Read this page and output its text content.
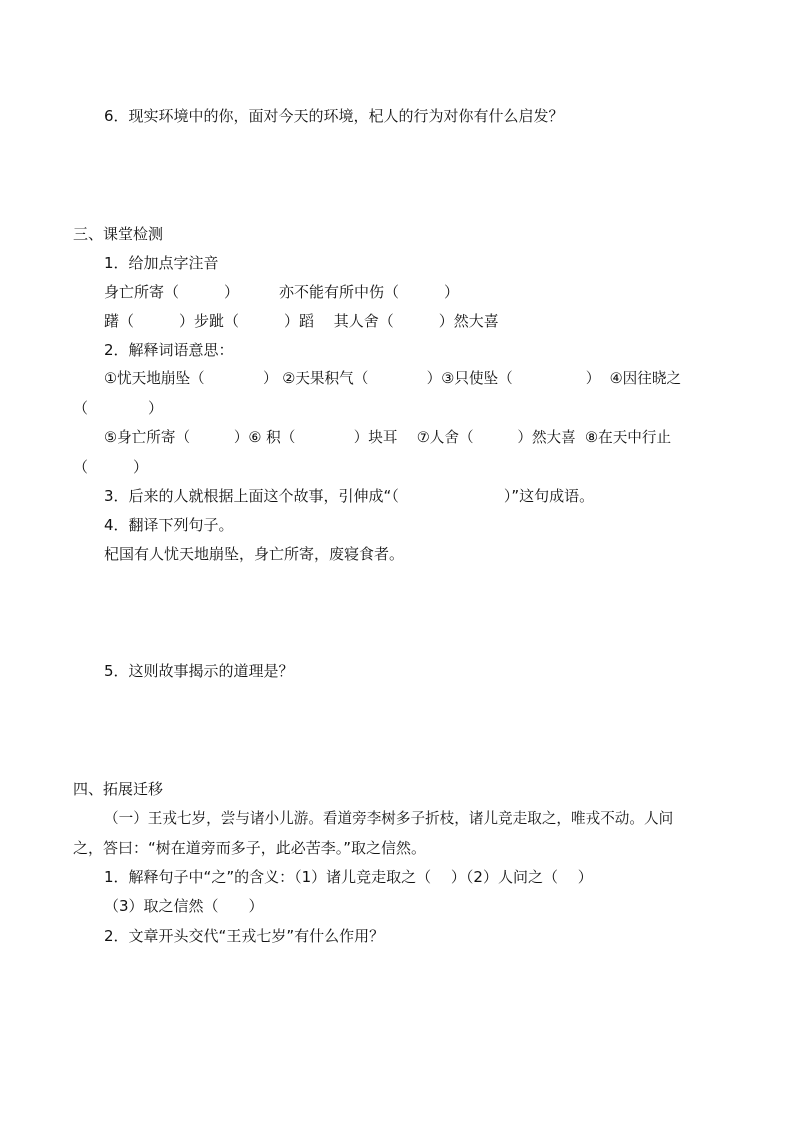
6．现实环境中的你，面对今天的环境，杞人的行为对你有什么启发？
三、课堂检测
1．给加点字注音
身亡所寄（　　　）	亦不能有所中伤（　　　）
躇（　　　）步跐（　　　）蹈　 其人舍（　　　）然大喜
2．解释词语意思：
①忧天地崩坠（　　　　） ②天果积气（　　　　）③只使坠（　　　　　）  ④因往晓之
（　　　　）
⑤身亡所寄（　　　）⑥ 积（　　　　）块耳　 ⑦人舍（　　　）然大喜  ⑧在天中行止
（　　　）
3．后来的人就根据上面这个故事，引伸成“（　　　　　　　）”这句成语。
4．翻译下列句子。
杞国有人忧天地崩坠，身亡所寄，废寝食者。
5．这则故事揭示的道理是？
四、拓展迁移
（一）王戎七岁，尝与诸小儿游。看道旁李树多子折枝，诸儿竞走取之，唯戎不动。人问
之，答曰：“树在道旁而多子，此必苦李。”取之信然。
1．解释句子中“之”的含义：（1）诸儿竞走取之（　 ）（2）人问之（　 ）
（3）取之信然（　　）
2．文章开头交代“王戎七岁”有什么作用？
